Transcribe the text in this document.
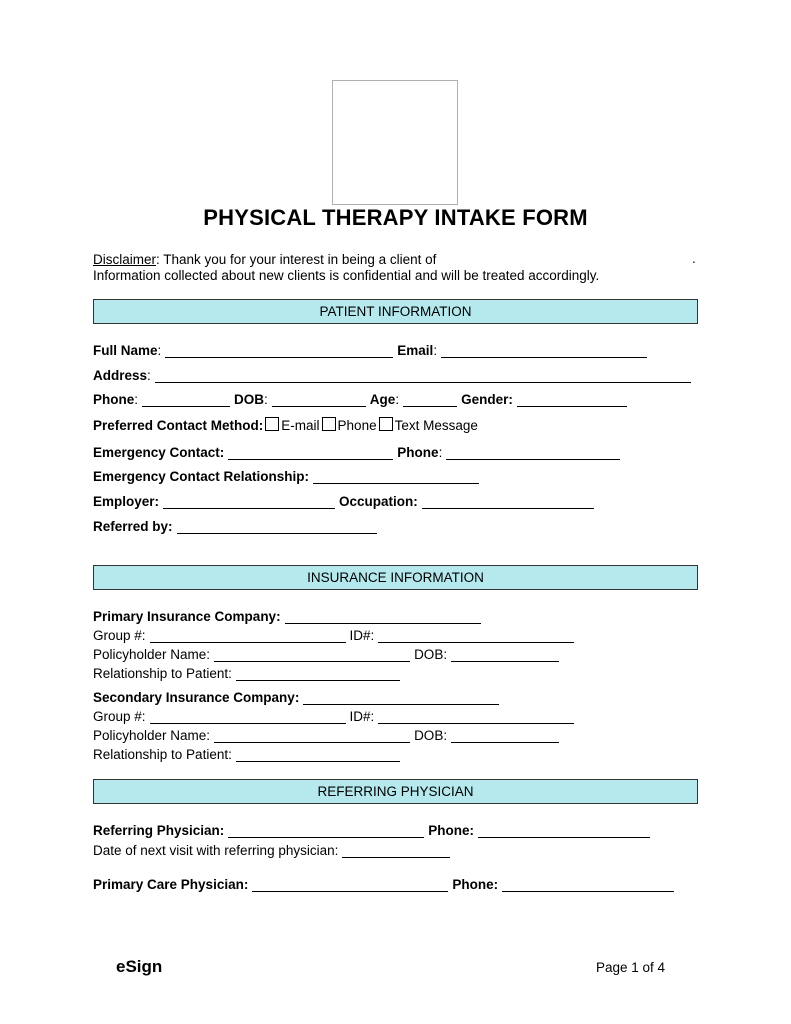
PHYSICAL THERAPY INTAKE FORM
Disclaimer: Thank you for your interest in being a client of	.
Information collected about new clients is confidential and will be treated accordingly.
PATIENT INFORMATION
Full Name :	Email :
Address :
Phone :	DOB :	Age :	Gender:
Preferred Contact Method: E-mail Phone Text Message
Emergency Contact:	Phone :
Emergency Contact Relationship:
Employer:	Occupation:
Referred by:
INSURANCE INFORMATION
Primary Insurance Company:
Group #:	ID#:
Policyholder Name:	DOB:
Relationship to Patient:
Secondary Insurance Company:
Group #:	ID#:
Policyholder Name:	DOB:
Relationship to Patient:
REFERRING PHYSICIAN
Referring Physician:	Phone:
Date of next visit with referring physician:
Primary Care Physician:	Phone:
eSign	Page 1 of 4
